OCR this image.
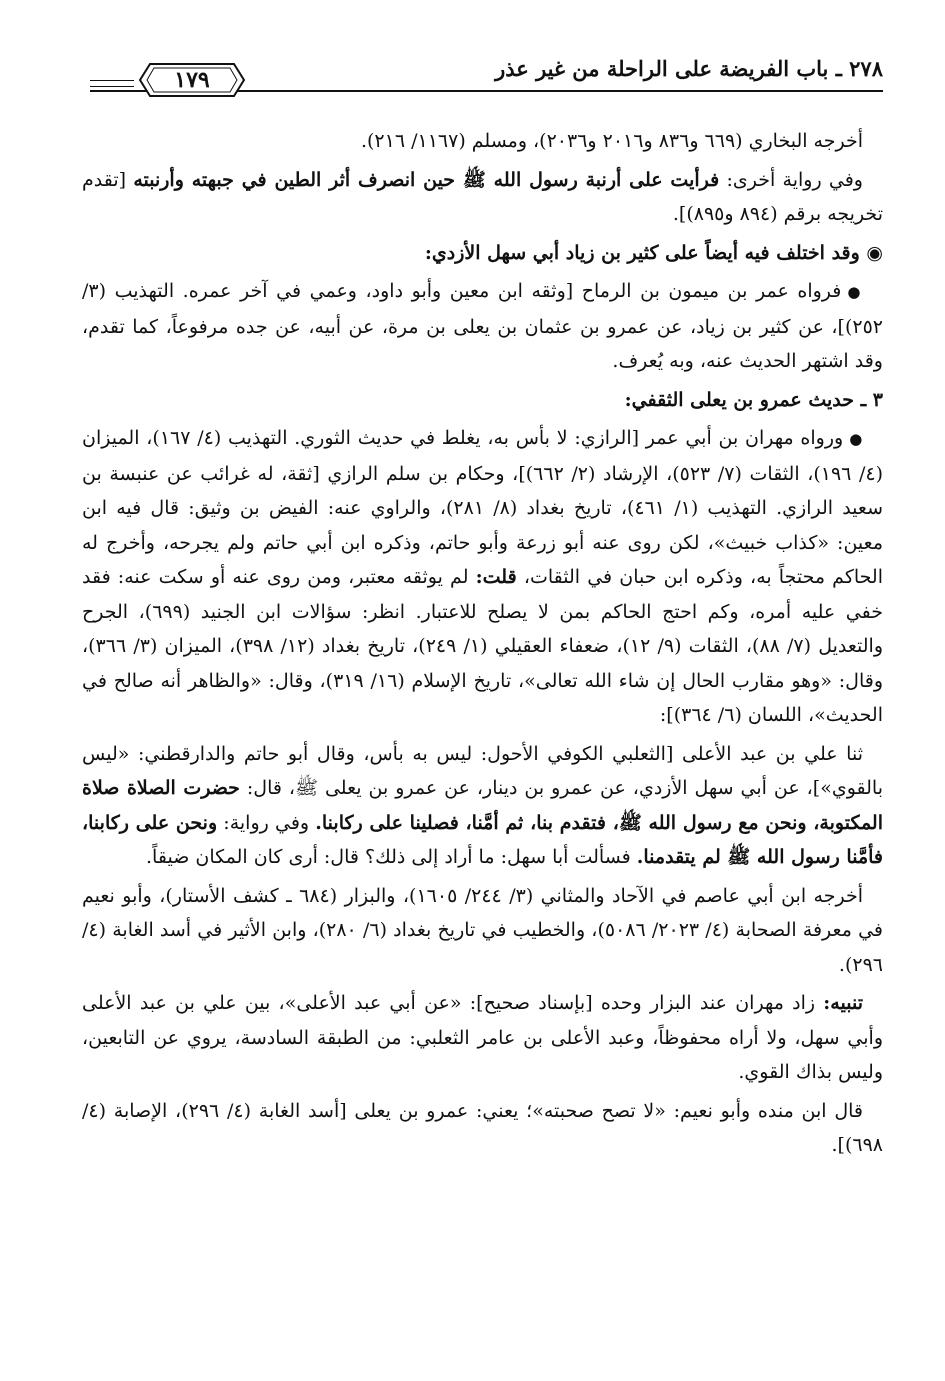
٢٧٨ ـ باب الفريضة على الراحلة من غير عذر
١٧٩

أخرجه البخاري (٦٦٩ و٨٣٦ و٢٠١٦ و٢٠٣٦)، ومسلم (١١٦٧/ ٢١٦).

وفي رواية أخرى: فرأيت على أرنبة رسول الله ﷺ حين انصرف أثر الطين في جبهته وأرنبته [تقدم تخريجه برقم (٨٩٤ و٨٩٥)].

◉ وقد اختلف فيه أيضاً على كثير بن زياد أبي سهل الأزدي:

●فرواه عمر بن ميمون بن الرماح [وثقه ابن معين وأبو داود، وعمي في آخر عمره. التهذيب (٣/ ٢٥٢)]، عن كثير بن زياد، عن عمرو بن عثمان بن يعلى بن مرة، عن أبيه، عن جده مرفوعاً، كما تقدم، وقد اشتهر الحديث عنه، وبه يُعرف.

٣ ـ حديث عمرو بن يعلى الثقفي:

●ورواه مهران بن أبي عمر [الرازي: لا بأس به، يغلط في حديث الثوري. التهذيب (٤/ ١٦٧)، الميزان (٤/ ١٩٦)، الثقات (٧/ ٥٢٣)، الإرشاد (٢/ ٦٦٢)]، وحكام بن سلم الرازي [ثقة، له غرائب عن عنبسة بن سعيد الرازي. التهذيب (١/ ٤٦١)، تاريخ بغداد (٨/ ٢٨١)، والراوي عنه: الفيض بن وثيق: قال فيه ابن معين: «كذاب خبيث»، لكن روى عنه أبو زرعة وأبو حاتم، وذكره ابن أبي حاتم ولم يجرحه، وأخرج له الحاكم محتجاً به، وذكره ابن حبان في الثقات، قلت: لم يوثقه معتبر، ومن روى عنه أو سكت عنه: فقد خفي عليه أمره، وكم احتج الحاكم بمن لا يصلح للاعتبار. انظر: سؤالات ابن الجنيد (٦٩٩)، الجرح والتعديل (٧/ ٨٨)، الثقات (٩/ ١٢)، ضعفاء العقيلي (١/ ٢٤٩)، تاريخ بغداد (١٢/ ٣٩٨)، الميزان (٣/ ٣٦٦)، وقال: «وهو مقارب الحال إن شاء الله تعالى»، تاريخ الإسلام (١٦/ ٣١٩)، وقال: «والظاهر أنه صالح في الحديث»، اللسان (٦/ ٣٦٤)]:

ثنا علي بن عبد الأعلى [الثعلبي الكوفي الأحول: ليس به بأس، وقال أبو حاتم والدارقطني: «ليس بالقوي»]، عن أبي سهل الأزدي، عن عمرو بن دينار، عن عمرو بن يعلى ﷺ، قال: حضرت الصلاة صلاة المكتوبة، ونحن مع رسول الله ﷺ، فتقدم بنا، ثم أمَّنا، فصلينا على ركابنا. وفي رواية: ونحن على ركابنا، فأمَّنا رسول الله ﷺ لم يتقدمنا. فسألت أبا سهل: ما أراد إلى ذلك؟ قال: أرى كان المكان ضيقاً.

أخرجه ابن أبي عاصم في الآحاد والمثاني (٣/ ٢٤٤/ ١٦٠٥)، والبزار (٦٨٤ ـ كشف الأستار)، وأبو نعيم في معرفة الصحابة (٤/ ٢٠٢٣/ ٥٠٨٦)، والخطيب في تاريخ بغداد (٦/ ٢٨٠)، وابن الأثير في أسد الغابة (٤/ ٢٩٦).

تنبيه: زاد مهران عند البزار وحده [بإسناد صحيح]: «عن أبي عبد الأعلى»، بين علي بن عبد الأعلى وأبي سهل، ولا أراه محفوظاً، وعبد الأعلى بن عامر الثعلبي: من الطبقة السادسة، يروي عن التابعين، وليس بذاك القوي.

قال ابن منده وأبو نعيم: «لا تصح صحبته»؛ يعني: عمرو بن يعلى [أسد الغابة (٤/ ٢٩٦)، الإصابة (٤/ ٦٩٨)].
